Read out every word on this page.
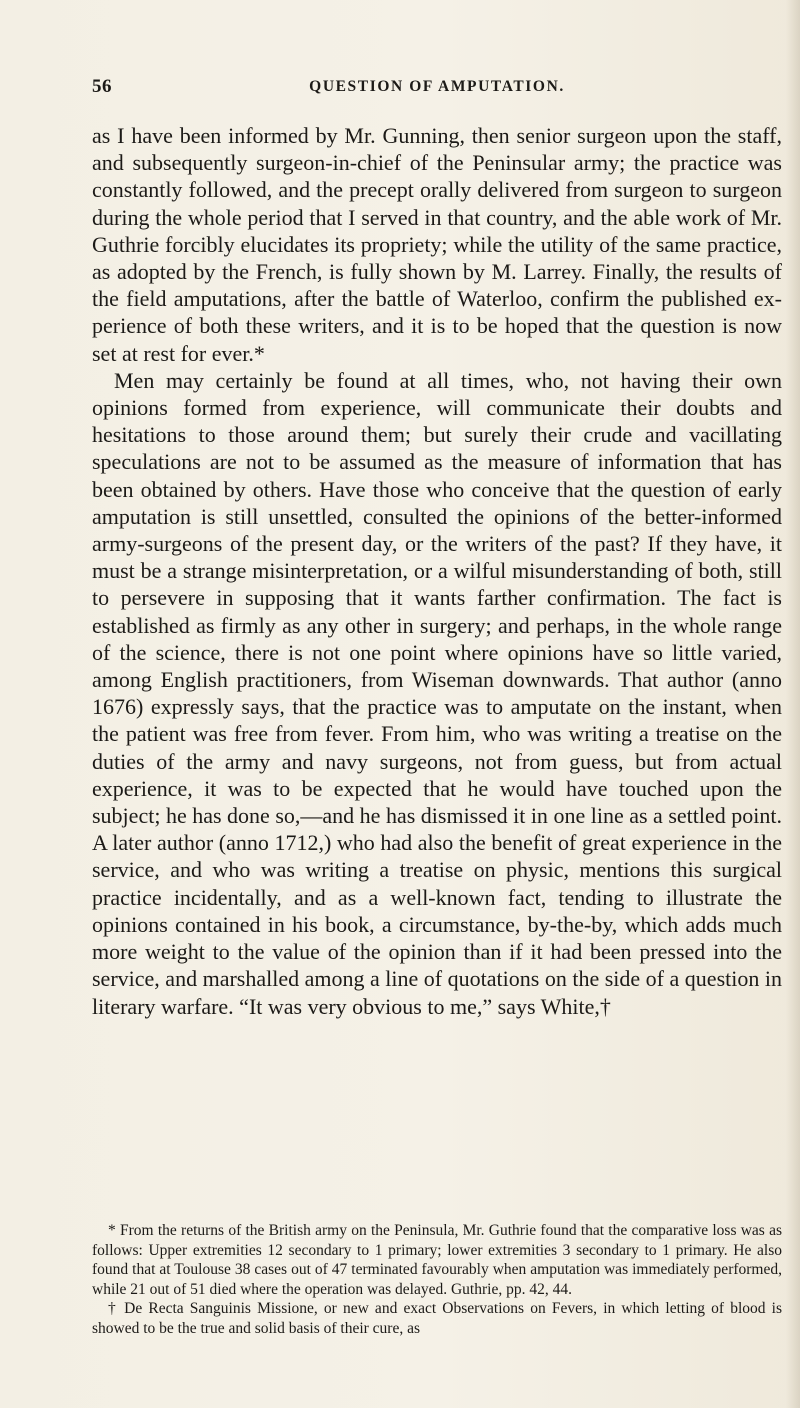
56	QUESTION OF AMPUTATION.

as I have been informed by Mr. Gunning, then senior surgeon upon the staff, and subsequently surgeon-in-chief of the Peninsular army; the practice was constantly followed, and the precept orally delivered from surgeon to surgeon during the whole period that I served in that country, and the able work of Mr. Guthrie forcibly elucidates its propriety; while the utility of the same practice, as adopted by the French, is fully shown by M. Larrey. Finally, the results of the field amputations, after the battle of Waterloo, confirm the published experience of both these writers, and it is to be hoped that the question is now set at rest for ever.*

Men may certainly be found at all times, who, not having their own opinions formed from experience, will communicate their doubts and hesitations to those around them; but surely their crude and vacillating speculations are not to be assumed as the measure of information that has been obtained by others. Have those who conceive that the question of early amputation is still unsettled, consulted the opinions of the better-informed army-surgeons of the present day, or the writers of the past? If they have, it must be a strange misinterpretation, or a wilful misunderstanding of both, still to persevere in supposing that it wants farther confirmation. The fact is established as firmly as any other in surgery; and perhaps, in the whole range of the science, there is not one point where opinions have so little varied, among English practitioners, from Wiseman downwards. That author (anno 1676) expressly says, that the practice was to amputate on the instant, when the patient was free from fever. From him, who was writing a treatise on the duties of the army and navy surgeons, not from guess, but from actual experience, it was to be expected that he would have touched upon the subject; he has done so,—and he has dismissed it in one line as a settled point. A later author (anno 1712,) who had also the benefit of great experience in the service, and who was writing a treatise on physic, mentions this surgical practice incidentally, and as a well-known fact, tending to illustrate the opinions contained in his book, a circumstance, by-the-by, which adds much more weight to the value of the opinion than if it had been pressed into the service, and marshalled among a line of quotations on the side of a question in literary warfare. “It was very obvious to me,” says White,†

* From the returns of the British army on the Peninsula, Mr. Guthrie found that the comparative loss was as follows: Upper extremities 12 secondary to 1 primary; lower extremities 3 secondary to 1 primary. He also found that at Toulouse 38 cases out of 47 terminated favourably when amputation was immediately performed, while 21 out of 51 died where the operation was delayed. Guthrie, pp. 42, 44.

† De Recta Sanguinis Missione, or new and exact Observations on Fevers, in which letting of blood is showed to be the true and solid basis of their cure, as
